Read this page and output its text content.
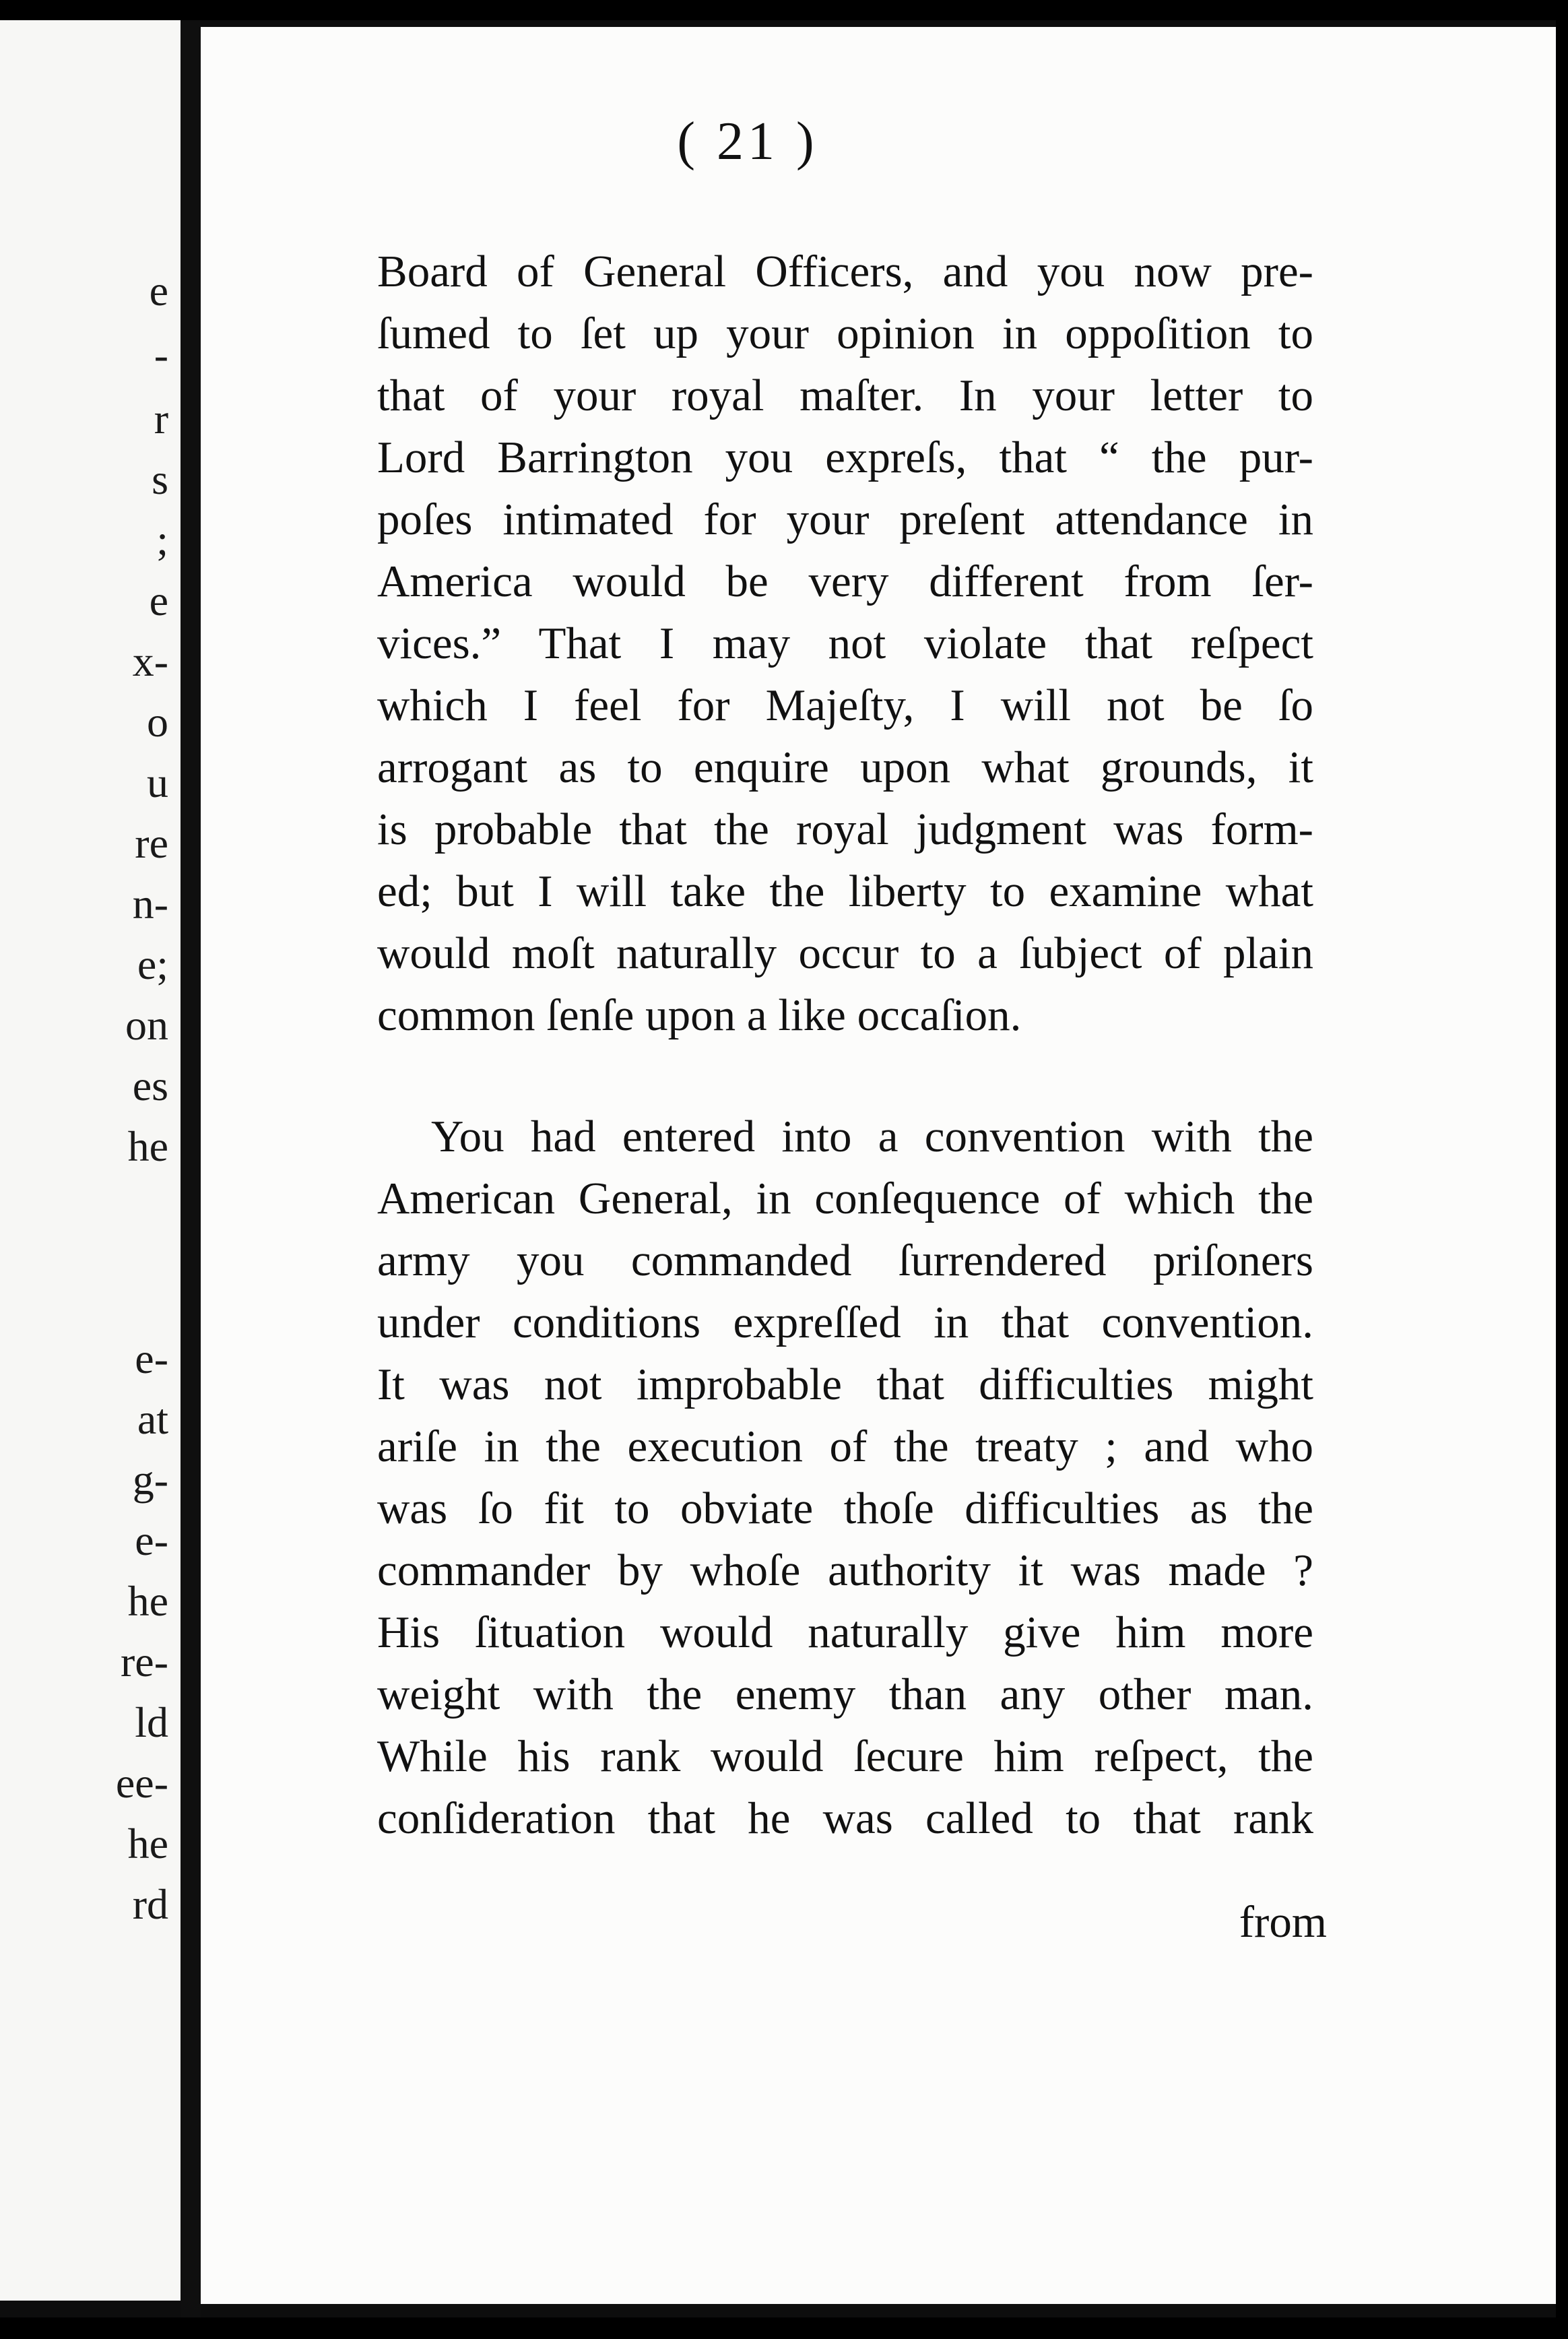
e
-
r
s
;
e
x-
o
u
re
n-
e;
on
es
he
e-
at
g-
e-
he
re-
ld
ee-
he
rd
( 21 )
Board of General Officers, and you now pre-
ſumed to ſet up your opinion in oppoſition to
that of your royal maſter. In your letter to
Lord Barrington you expreſs, that “ the pur-
poſes intimated for your preſent attendance in
America would be very different from ſer-
vices.” That I may not violate that reſpect
which I feel for Majeſty, I will not be ſo
arrogant as to enquire upon what grounds, it
is probable that the royal judgment was form-
ed; but I will take the liberty to examine what
would moſt naturally occur to a ſubject of plain
common ſenſe upon a like occaſion.
You had entered into a convention with the
American General, in conſequence of which the
army you commanded ſurrendered priſoners
under conditions expreſſed in that convention.
It was not improbable that difficulties might
ariſe in the execution of the treaty ; and who
was ſo fit to obviate thoſe difficulties as the
commander by whoſe authority it was made ?
His ſituation would naturally give him more
weight with the enemy than any other man.
While his rank would ſecure him reſpect, the
conſideration that he was called to that rank
from
